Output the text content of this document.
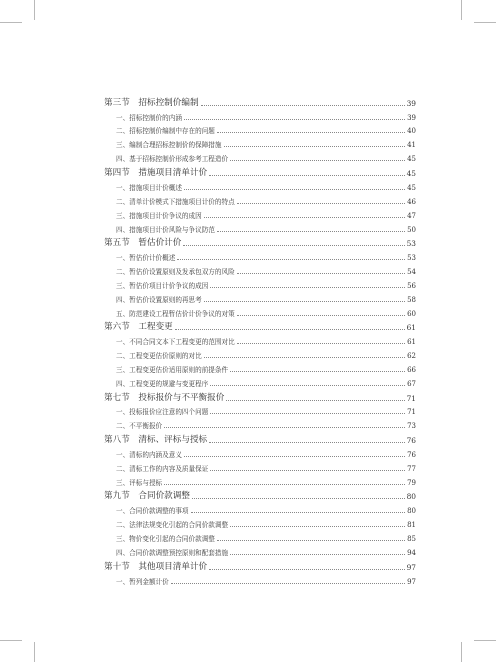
第三节　招标控制价编制	39
一、招标控制价的内涵	39
二、招标控制价编制中存在的问题	40
三、编制合理招标控制价的保障措施	41
四、基于招标控制价形成参考工程造价	45
第四节　措施项目清单计价	45
一、措施项目计价概述	45
二、清单计价模式下措施项目计价的特点	46
三、措施项目计价争议的成因	47
四、措施项目计价风险与争议防范	50
第五节　暂估价计价	53
一、暂估价计价概述	53
二、暂估价设置原则及发承包双方的风险	54
三、暂估价项目计价争议的成因	56
四、暂估价设置原则的再思考	58
五、防范建设工程暂估价计价争议的对策	60
第六节　工程变更	61
一、不同合同文本下工程变更的范围对比	61
二、工程变更估价原则的对比	62
三、工程变更估价适用原则的前提条件	66
四、工程变更的规避与变更程序	67
第七节　投标报价与不平衡报价	71
一、投标报价应注意的四个问题	71
二、不平衡报价	73
第八节　清标、评标与授标	76
一、清标的内涵及意义	76
二、清标工作的内容及质量保证	77
三、评标与授标	79
第九节　合同价款调整	80
一、合同价款调整的事项	80
二、法律法规变化引起的合同价款调整	81
三、物价变化引起的合同价款调整	85
四、合同价款调整预控原则和配套措施	94
第十节　其他项目清单计价	97
一、暂列金额计价	97
